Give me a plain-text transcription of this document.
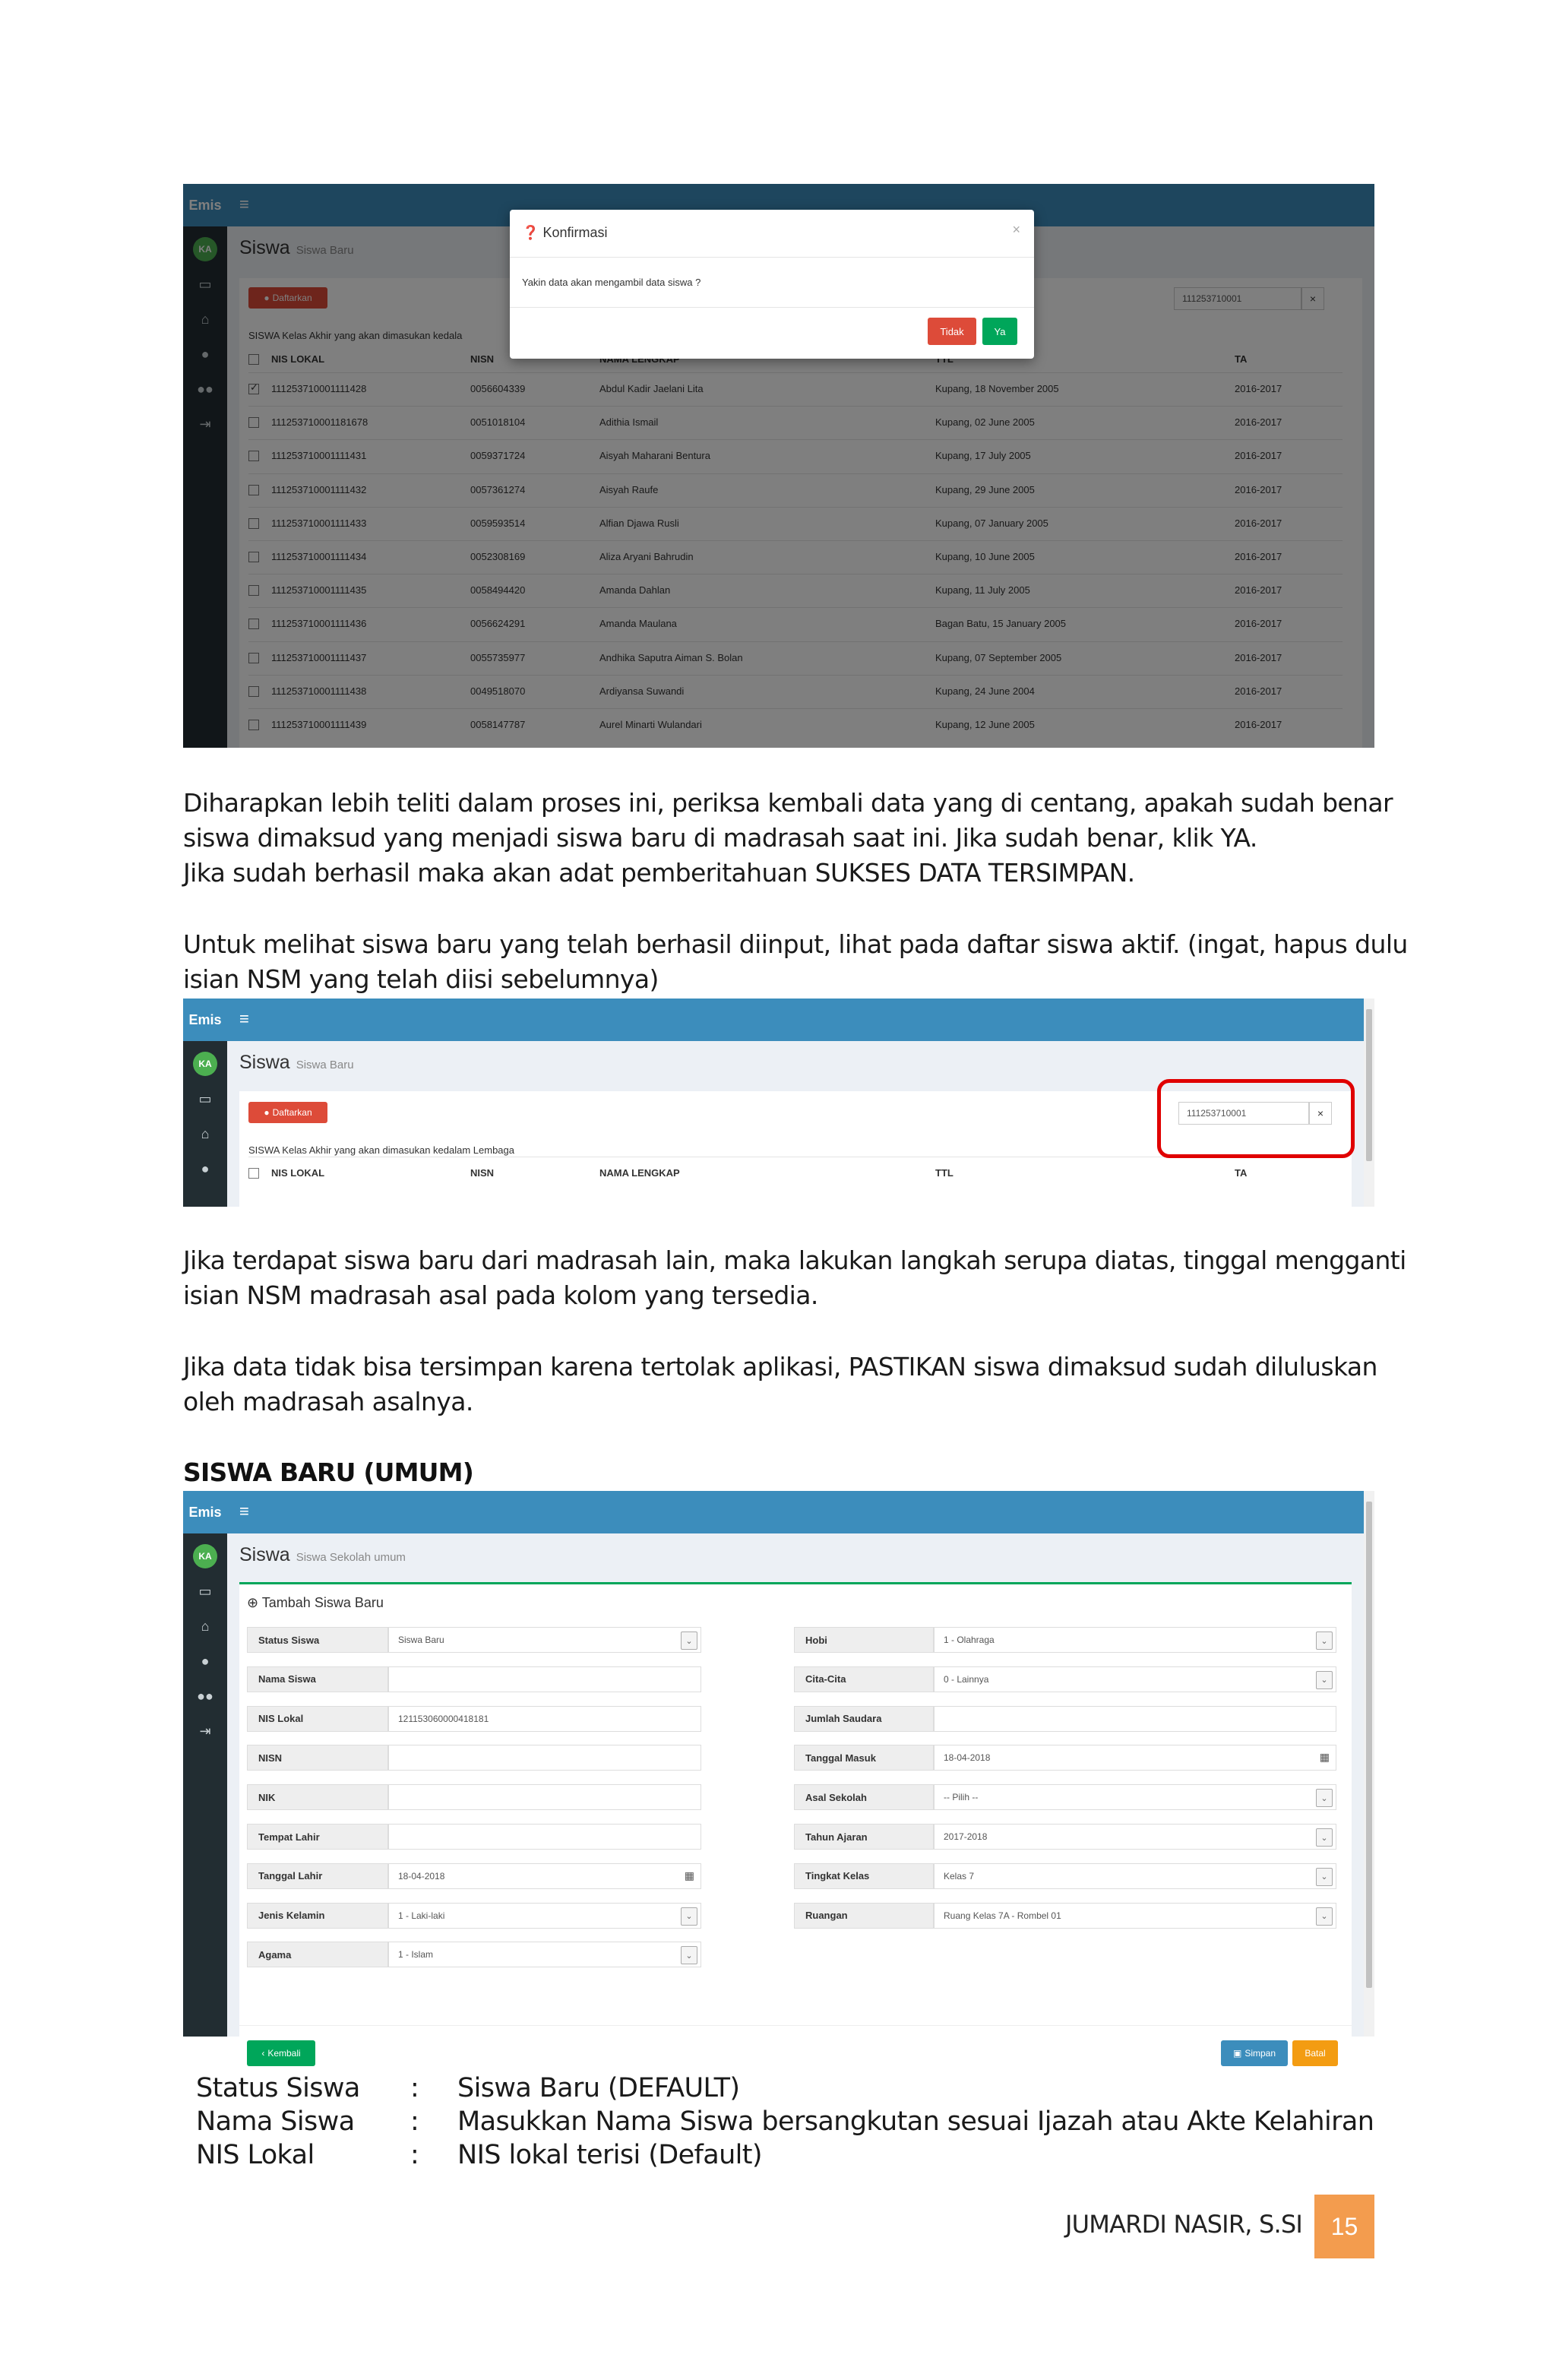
✓
❓ Konfirmasi	×
Yakin data akan mengambil data siswa ?
Tidak	Ya
Diharapkan lebih teliti dalam proses ini, periksa kembali data yang di centang, apakah sudah benar
siswa dimaksud yang menjadi siswa baru di madrasah saat ini. Jika sudah benar, klik YA.
Jika sudah berhasil maka akan adat pemberitahuan SUKSES DATA TERSIMPAN.
Untuk melihat siswa baru yang telah berhasil diinput, lihat pada daftar siswa aktif. (ingat, hapus dulu
isian NSM yang telah diisi sebelumnya)
Emis	≡
KA
▭
⌂
●
Siswa Siswa Baru
● Daftarkan	111253710001	×
SISWA Kelas Akhir yang akan dimasukan kedalam Lembaga
NIS LOKAL	NISN	NAMA LENGKAP	TTL	TA
Jika terdapat siswa baru dari madrasah lain, maka lakukan langkah serupa diatas, tinggal mengganti
isian NSM madrasah asal pada kolom yang tersedia.
Jika data tidak bisa tersimpan karena tertolak aplikasi, PASTIKAN siswa dimaksud sudah diluluskan
oleh madrasah asalnya.
SISWA BARU (UMUM)
Emis	≡
KA
▭
⌂
●
●●
⇥
Siswa Siswa Sekolah umum
⊕ Tambah Siswa Baru
Status Siswa	Siswa Baru	⌄
Nama Siswa
NIS Lokal	121153060000418181
NISN
NIK
Tempat Lahir
Tanggal Lahir	18-04-2018	▦
Jenis Kelamin	1 - Laki-laki	⌄
Agama	1 - Islam	⌄
Hobi	1 - Olahraga	⌄
Cita-Cita	0 - Lainnya	⌄
Jumlah Saudara
Tanggal Masuk	18-04-2018	▦
Asal Sekolah	-- Pilih --	⌄
Tahun Ajaran	2017-2018	⌄
Tingkat Kelas	Kelas 7	⌄
Ruangan	Ruang Kelas 7A - Rombel 01	⌄
‹ Kembali	▣ Simpan	Batal
Status Siswa : Siswa Baru (DEFAULT)
Nama Siswa : Masukkan Nama Siswa bersangkutan sesuai Ijazah atau Akte Kelahiran
NIS Lokal	: NIS lokal terisi (Default)
JUMARDI NASIR, S.SI	15
